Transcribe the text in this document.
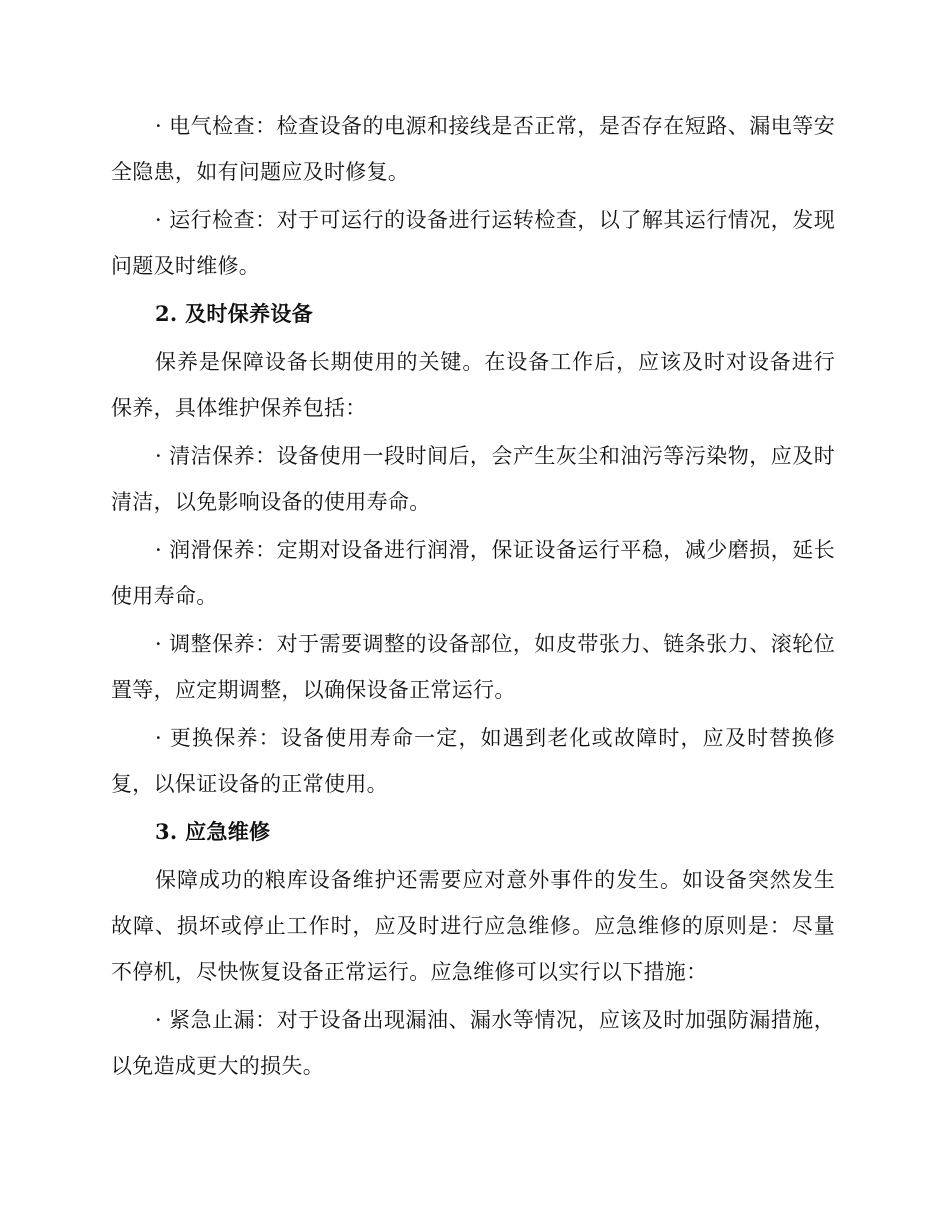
· 电气检查：检查设备的电源和接线是否正常，是否存在短路、漏电等安全隐患，如有问题应及时修复。

· 运行检查：对于可运行的设备进行运转检查，以了解其运行情况，发现问题及时维修。

2. 及时保养设备

保养是保障设备长期使用的关键。在设备工作后，应该及时对设备进行保养，具体维护保养包括：

· 清洁保养：设备使用一段时间后，会产生灰尘和油污等污染物，应及时清洁，以免影响设备的使用寿命。

· 润滑保养：定期对设备进行润滑，保证设备运行平稳，减少磨损，延长使用寿命。

· 调整保养：对于需要调整的设备部位，如皮带张力、链条张力、滚轮位置等，应定期调整，以确保设备正常运行。

· 更换保养：设备使用寿命一定，如遇到老化或故障时，应及时替换修复，以保证设备的正常使用。

3. 应急维修

保障成功的粮库设备维护还需要应对意外事件的发生。如设备突然发生故障、损坏或停止工作时，应及时进行应急维修。应急维修的原则是：尽量不停机，尽快恢复设备正常运行。应急维修可以实行以下措施：

· 紧急止漏：对于设备出现漏油、漏水等情况，应该及时加强防漏措施，以免造成更大的损失。
